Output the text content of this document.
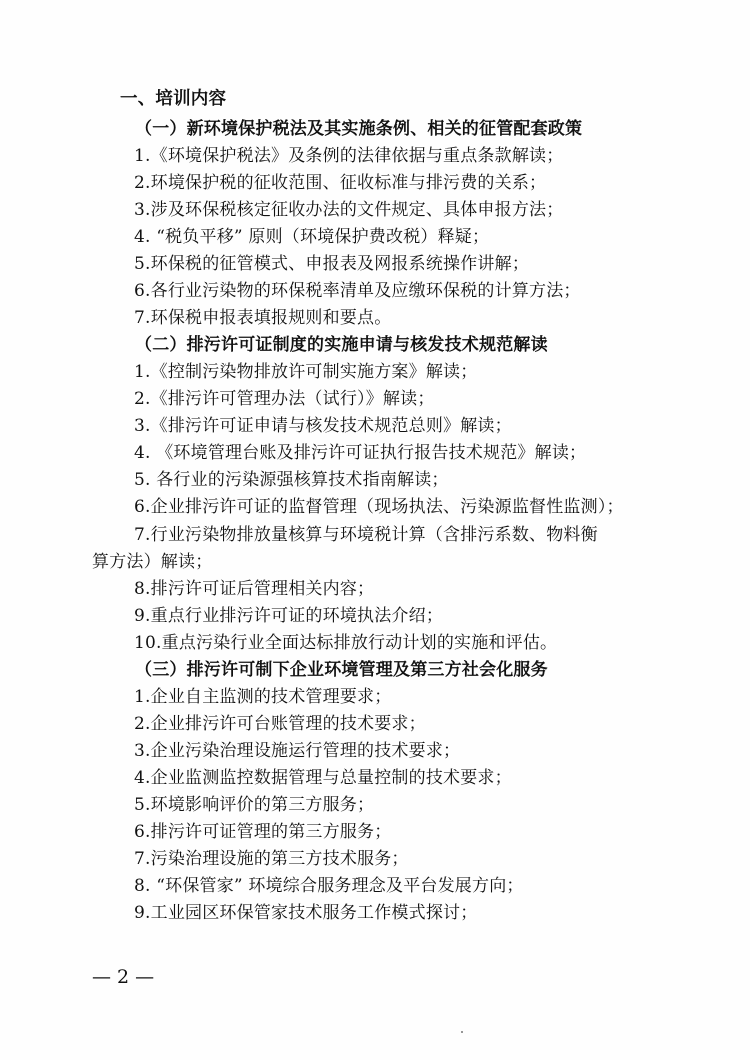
一、培训内容
（一）新环境保护税法及其实施条例、相关的征管配套政策
1.《环境保护税法》及条例的法律依据与重点条款解读；
2.环境保护税的征收范围、征收标准与排污费的关系；
3.涉及环保税核定征收办法的文件规定、具体申报方法；
4. “税负平移” 原则（环境保护费改税）释疑；
5.环保税的征管模式、申报表及网报系统操作讲解；
6.各行业污染物的环保税率清单及应缴环保税的计算方法；
7.环保税申报表填报规则和要点。
（二）排污许可证制度的实施申请与核发技术规范解读
1.《控制污染物排放许可制实施方案》解读；
2.《排污许可管理办法（试行）》解读；
3.《排污许可证申请与核发技术规范总则》解读；
4. 《环境管理台账及排污许可证执行报告技术规范》解读；
5. 各行业的污染源强核算技术指南解读；
6.企业排污许可证的监督管理（现场执法、污染源监督性监测）；
7.行业污染物排放量核算与环境税计算（含排污系数、物料衡
算方法）解读；
8.排污许可证后管理相关内容；
9.重点行业排污许可证的环境执法介绍；
10.重点污染行业全面达标排放行动计划的实施和评估。
（三）排污许可制下企业环境管理及第三方社会化服务
1.企业自主监测的技术管理要求；
2.企业排污许可台账管理的技术要求；
3.企业污染治理设施运行管理的技术要求；
4.企业监测监控数据管理与总量控制的技术要求；
5.环境影响评价的第三方服务；
6.排污许可证管理的第三方服务；
7.污染治理设施的第三方技术服务；
8. “环保管家” 环境综合服务理念及平台发展方向；
9.工业园区环保管家技术服务工作模式探讨；
— 2 —
